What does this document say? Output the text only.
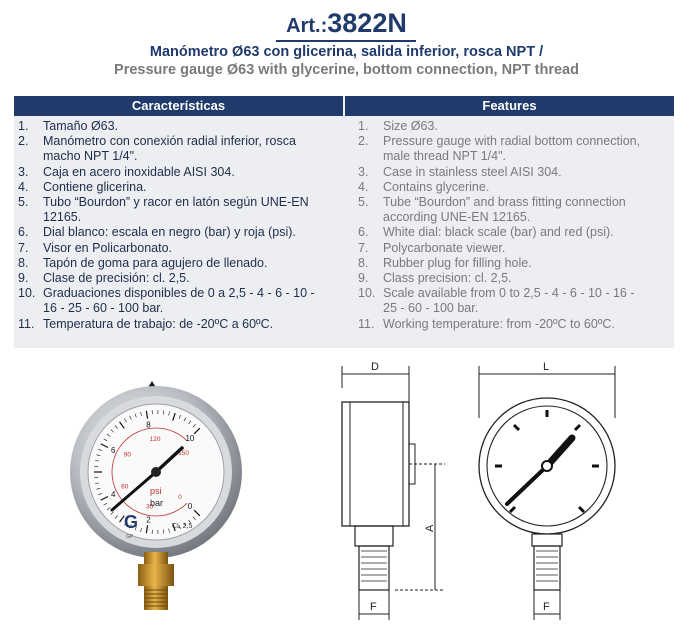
Art.:3822N
Manómetro Ø63 con glicerina, salida inferior, rosca NPT /
Pressure gauge Ø63 with glycerine, bottom connection, NPT thread
Características	Features
1.	Tamaño Ø63.
2.	Manómetro con conexión radial inferior, rosca
macho NPT 1/4".
3.	Caja en acero inoxidable AISI 304.
4.	Contiene glicerina.
5.	Tubo “Bourdon” y racor en latón según UNE-EN
12165.
6.	Dial blanco: escala en negro (bar) y roja (psi).
7.	Visor en Policarbonato.
8.	Tapón de goma para agujero de llenado.
9.	Clase de precisión: cl. 2,5.
10. Graduaciones disponibles de 0 a 2,5 - 4 - 6 - 10 -
16 - 25 - 60 - 100 bar.
11. Temperatura de trabajo: de -20ºC a 60ºC.
1.	Size Ø63.
2.	Pressure gauge with radial bottom connection,
male thread NPT 1/4".
3.	Case in stainless steel AISI 304.
4.	Contains glycerine.
5.	Tube “Bourdon” and brass fitting connection
according UNE-EN 12165.
6.	White dial: black scale (bar) and red (psi).
7.	Polycarbonate viewer.
8.	Rubber plug for filling hole.
9.	Class precision: cl. 2,5.
10. Scale available from 0 to 2,5 - 4 - 6 - 10 - 16 -
25 - 60 - 100 bar.
11. Working temperature: from -20ºC to 60ºC.
0
2
4
6
8
10
0
30
60
90
120
150
G
GP
CL 2,5
psi
bar
D
A
F
L
F
